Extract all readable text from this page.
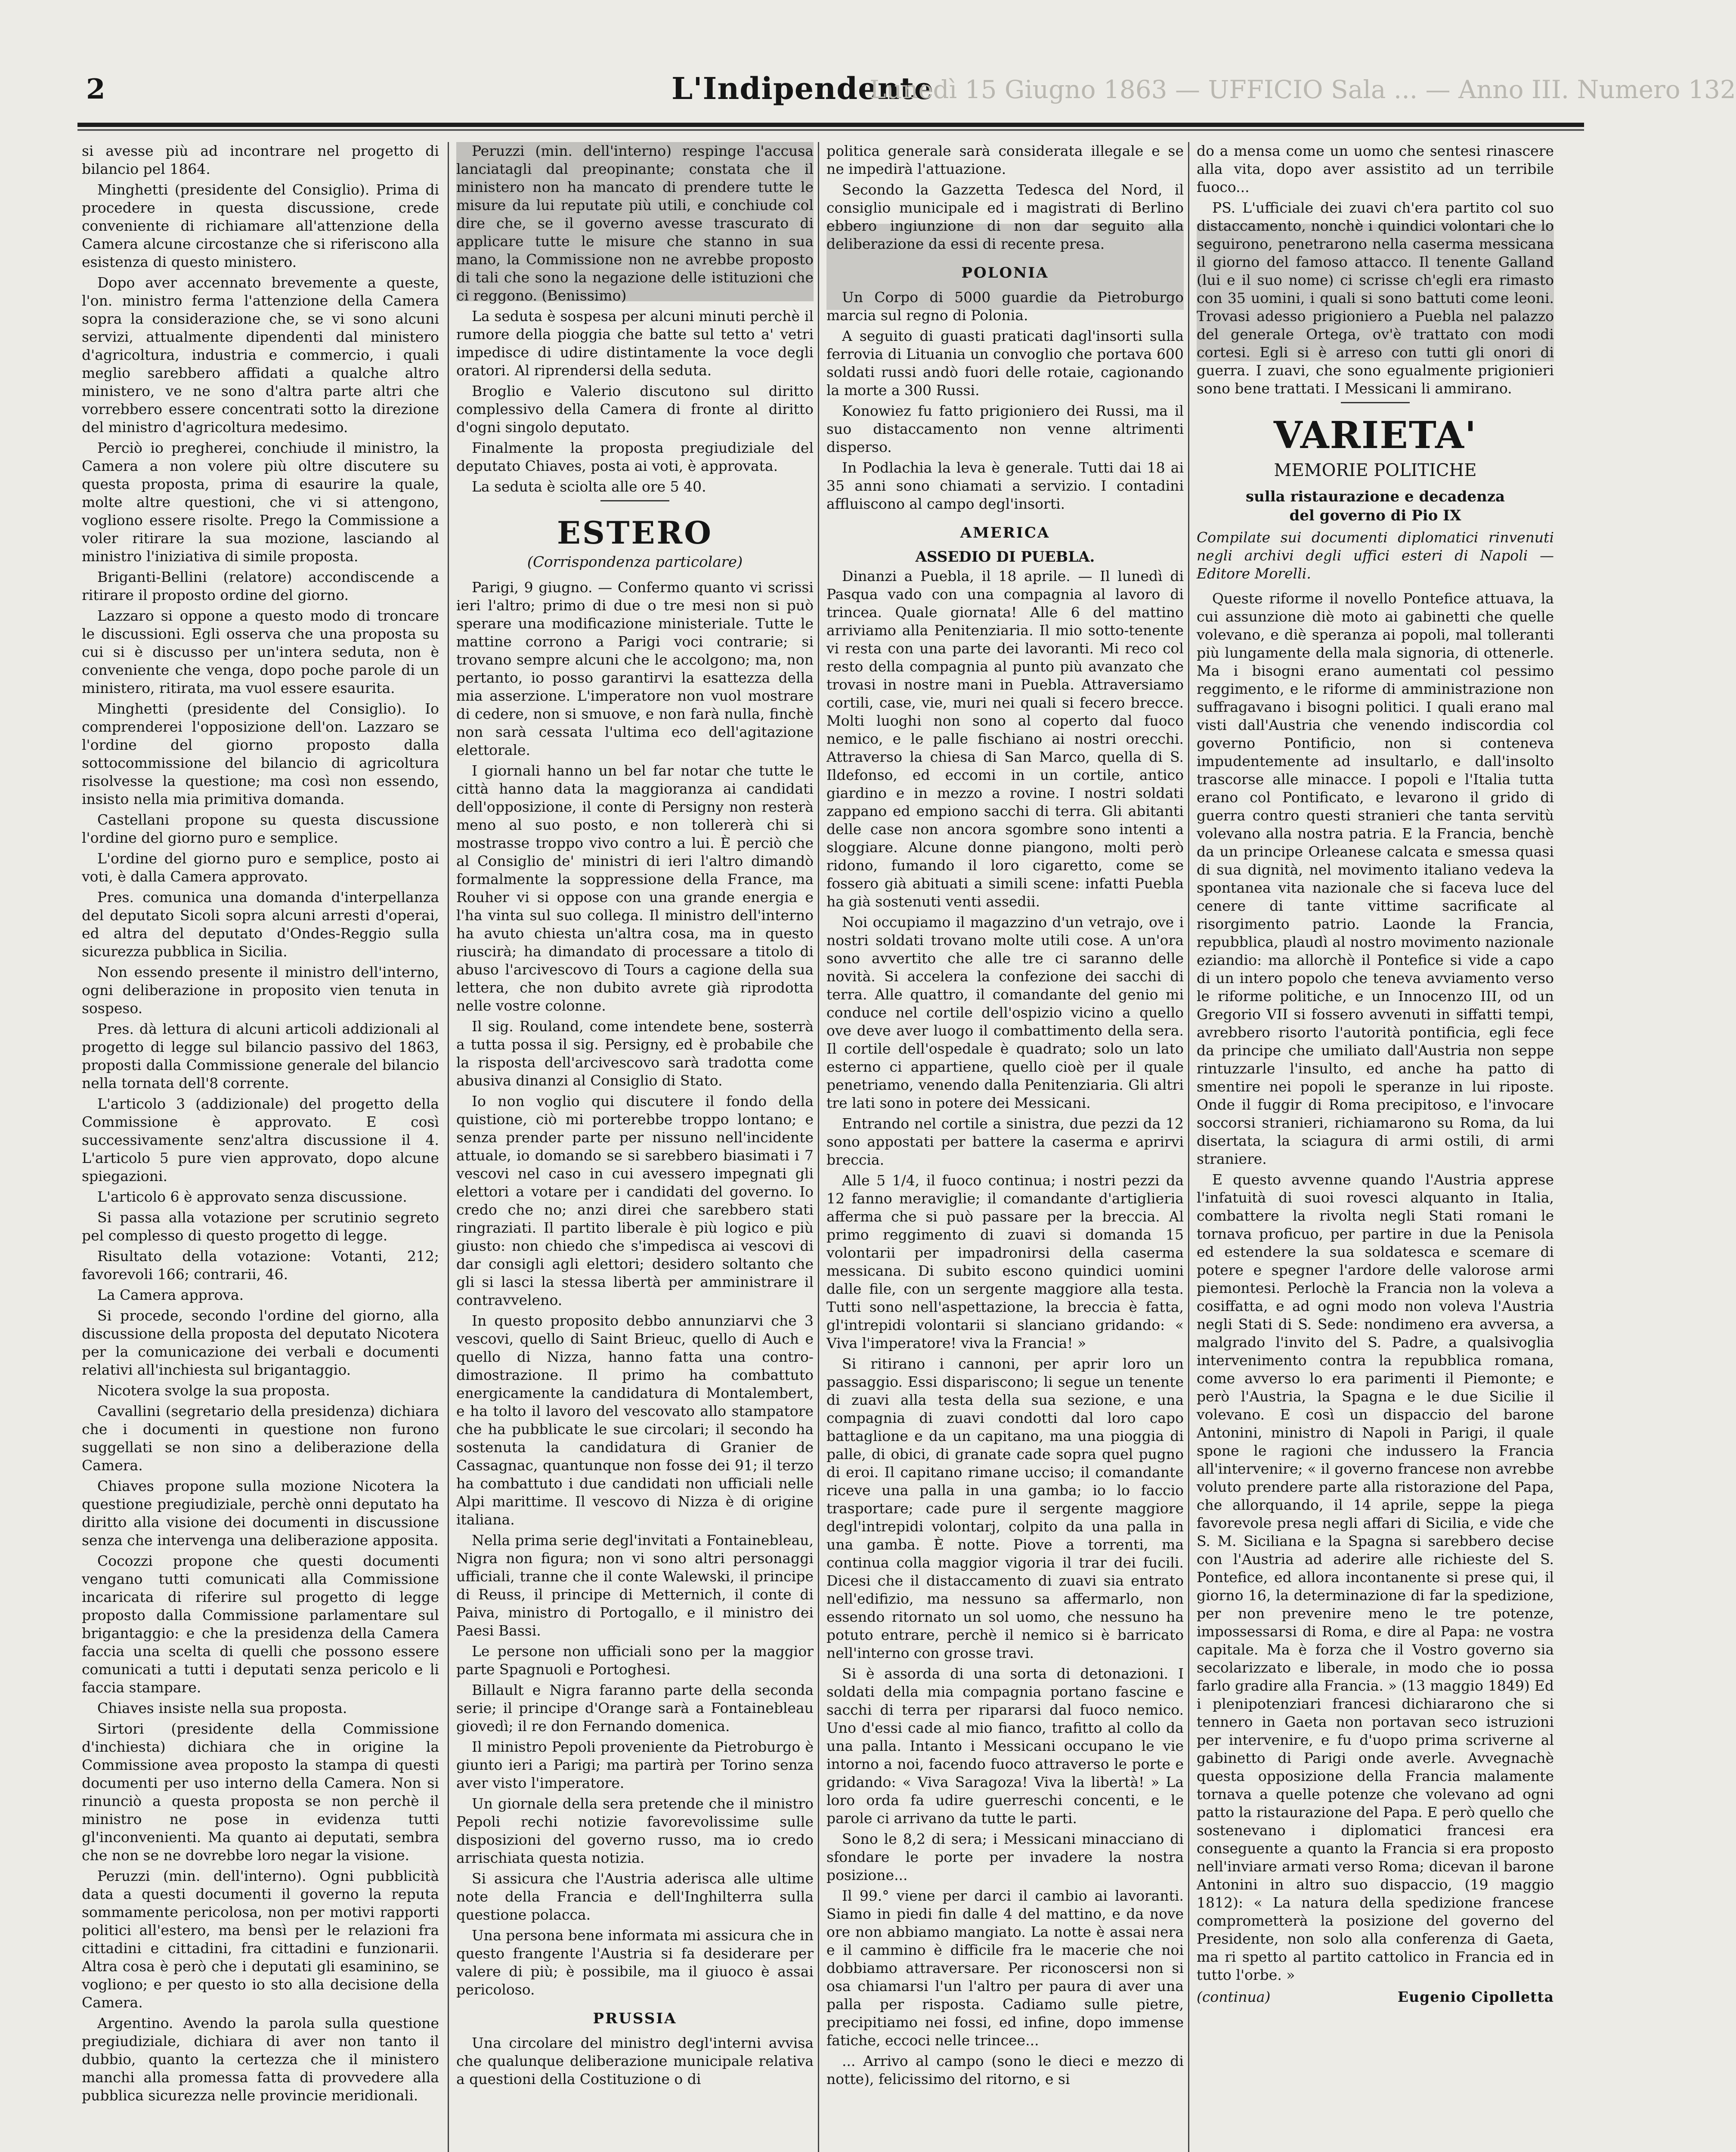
2	L'Indipendente
Lunedì 15 Giugno 1863 — UFFICIO Sala ... — Anno III. Numero 132

si avesse più ad incontrare nel progetto di bilancio pel 1864.

Minghetti (presidente del Consiglio). Prima di procedere in questa discussione, crede conveniente di richiamare all'attenzione della Camera alcune circostanze che si riferiscono alla esistenza di questo ministero.

Dopo aver accennato brevemente a queste, l'on. ministro ferma l'attenzione della Camera sopra la considerazione che, se vi sono alcuni servizi, attualmente dipendenti dal ministero d'agricoltura, industria e commercio, i quali meglio sarebbero affidati a qualche altro ministero, ve ne sono d'altra parte altri che vorrebbero essere concentrati sotto la direzione del ministro d'agricoltura medesimo.

Perciò io pregherei, conchiude il ministro, la Camera a non volere più oltre discutere su questa proposta, prima di esaurire la quale, molte altre questioni, che vi si attengono, vogliono essere risolte. Prego la Commissione a voler ritirare la sua mozione, lasciando al ministro l'iniziativa di simile proposta.

Briganti-Bellini (relatore) accondiscende a ritirare il proposto ordine del giorno.

Lazzaro si oppone a questo modo di troncare le discussioni. Egli osserva che una proposta su cui si è discusso per un'intera seduta, non è conveniente che venga, dopo poche parole di un ministero, ritirata, ma vuol essere esaurita.

Minghetti (presidente del Consiglio). Io comprenderei l'opposizione dell'on. Lazzaro se l'ordine del giorno proposto dalla sottocommissione del bilancio di agricoltura risolvesse la questione; ma così non essendo, insisto nella mia primitiva domanda.

Castellani propone su questa discussione l'ordine del giorno puro e semplice.

L'ordine del giorno puro e semplice, posto ai voti, è dalla Camera approvato.

Pres. comunica una domanda d'interpellanza del deputato Sicoli sopra alcuni arresti d'operai, ed altra del deputato d'Ondes-Reggio sulla sicurezza pubblica in Sicilia.

Non essendo presente il ministro dell'interno, ogni deliberazione in proposito vien tenuta in sospeso.

Pres. dà lettura di alcuni articoli addizionali al progetto di legge sul bilancio passivo del 1863, proposti dalla Commissione generale del bilancio nella tornata dell'8 corrente.

L'articolo 3 (addizionale) del progetto della Commissione è approvato. E così successivamente senz'altra discussione il 4. L'articolo 5 pure vien approvato, dopo alcune spiegazioni.

L'articolo 6 è approvato senza discussione.

Si passa alla votazione per scrutinio segreto pel complesso di questo progetto di legge.

Risultato della votazione: Votanti, 212; favorevoli 166; contrarii, 46.

La Camera approva.

Si procede, secondo l'ordine del giorno, alla discussione della proposta del deputato Nicotera per la comunicazione dei verbali e documenti relativi all'inchiesta sul brigantaggio.

Nicotera svolge la sua proposta.

Cavallini (segretario della presidenza) dichiara che i documenti in questione non furono suggellati se non sino a deliberazione della Camera.

Chiaves propone sulla mozione Nicotera la questione pregiudiziale, perchè onni deputato ha diritto alla visione dei documenti in discussione senza che intervenga una deliberazione apposita.

Cocozzi propone che questi documenti vengano tutti comunicati alla Commissione incaricata di riferire sul progetto di legge proposto dalla Commissione parlamentare sul brigantaggio: e che la presidenza della Camera faccia una scelta di quelli che possono essere comunicati a tutti i deputati senza pericolo e li faccia stampare.

Chiaves insiste nella sua proposta.

Sirtori (presidente della Commissione d'inchiesta) dichiara che in origine la Commissione avea proposto la stampa di questi documenti per uso interno della Camera. Non si rinunciò a questa proposta se non perchè il ministro ne pose in evidenza tutti gl'inconvenienti. Ma quanto ai deputati, sembra che non se ne dovrebbe loro negar la visione.

Peruzzi (min. dell'interno). Ogni pubblicità data a questi documenti il governo la reputa sommamente pericolosa, non per motivi rapporti politici all'estero, ma bensì per le relazioni fra cittadini e cittadini, fra cittadini e funzionarii. Altra cosa è però che i deputati gli esaminino, se vogliono; e per questo io sto alla decisione della Camera.

Argentino. Avendo la parola sulla questione pregiudiziale, dichiara di aver non tanto il dubbio, quanto la certezza che il ministero manchi alla promessa fatta di provvedere alla pubblica sicurezza nelle provincie meridionali.

Peruzzi (min. dell'interno) respinge l'accusa lanciatagli dal preopinante; constata che il ministero non ha mancato di prendere tutte le misure da lui reputate più utili, e conchiude col dire che, se il governo avesse trascurato di applicare tutte le misure che stanno in sua mano, la Commissione non ne avrebbe proposto di tali che sono la negazione delle istituzioni che ci reggono. (Benissimo)

La seduta è sospesa per alcuni minuti perchè il rumore della pioggia che batte sul tetto a' vetri impedisce di udire distintamente la voce degli oratori. Al riprendersi della seduta.

Broglio e Valerio discutono sul diritto complessivo della Camera di fronte al diritto d'ogni singolo deputato.

Finalmente la proposta pregiudiziale del deputato Chiaves, posta ai voti, è approvata.

La seduta è sciolta alle ore 5 40.

ESTERO
(Corrispondenza particolare)

Parigi, 9 giugno. — Confermo quanto vi scrissi ieri l'altro; primo di due o tre mesi non si può sperare una modificazione ministeriale. Tutte le mattine corrono a Parigi voci contrarie; si trovano sempre alcuni che le accolgono; ma, non pertanto, io posso garantirvi la esattezza della mia asserzione. L'imperatore non vuol mostrare di cedere, non si smuove, e non farà nulla, finchè non sarà cessata l'ultima eco dell'agitazione elettorale.

I giornali hanno un bel far notar che tutte le città hanno data la maggioranza ai candidati dell'opposizione, il conte di Persigny non resterà meno al suo posto, e non tollererà chi si mostrasse troppo vivo contro a lui. È perciò che al Consiglio de' ministri di ieri l'altro dimandò formalmente la soppressione della France, ma Rouher vi si oppose con una grande energia e l'ha vinta sul suo collega. Il ministro dell'interno ha avuto chiesta un'altra cosa, ma in questo riuscirà; ha dimandato di processare a titolo di abuso l'arcivescovo di Tours a cagione della sua lettera, che non dubito avrete già riprodotta nelle vostre colonne.

Il sig. Rouland, come intendete bene, sosterrà a tutta possa il sig. Persigny, ed è probabile che la risposta dell'arcivescovo sarà tradotta come abusiva dinanzi al Consiglio di Stato.

Io non voglio qui discutere il fondo della quistione, ciò mi porterebbe troppo lontano; e senza prender parte per nissuno nell'incidente attuale, io domando se si sarebbero biasimati i 7 vescovi nel caso in cui avessero impegnati gli elettori a votare per i candidati del governo. Io credo che no; anzi direi che sarebbero stati ringraziati. Il partito liberale è più logico e più giusto: non chiedo che s'impedisca ai vescovi di dar consigli agli elettori; desidero soltanto che gli si lasci la stessa libertà per amministrare il contravveleno.

In questo proposito debbo annunziarvi che 3 vescovi, quello di Saint Brieuc, quello di Auch e quello di Nizza, hanno fatta una contro-dimostrazione. Il primo ha combattuto energicamente la candidatura di Montalembert, e ha tolto il lavoro del vescovato allo stampatore che ha pubblicate le sue circolari; il secondo ha sostenuta la candidatura di Granier de Cassagnac, quantunque non fosse dei 91; il terzo ha combattuto i due candidati non ufficiali nelle Alpi marittime. Il vescovo di Nizza è di origine italiana.

Nella prima serie degl'invitati a Fontainebleau, Nigra non figura; non vi sono altri personaggi ufficiali, tranne che il conte Walewski, il principe di Reuss, il principe di Metternich, il conte di Paiva, ministro di Portogallo, e il ministro dei Paesi Bassi.

Le persone non ufficiali sono per la maggior parte Spagnuoli e Portoghesi.

Billault e Nigra faranno parte della seconda serie; il principe d'Orange sarà a Fontainebleau giovedì; il re don Fernando domenica.

Il ministro Pepoli proveniente da Pietroburgo è giunto ieri a Parigi; ma partirà per Torino senza aver visto l'imperatore.

Un giornale della sera pretende che il ministro Pepoli rechi notizie favorevolissime sulle disposizioni del governo russo, ma io credo arrischiata questa notizia.

Si assicura che l'Austria aderisca alle ultime note della Francia e dell'Inghilterra sulla questione polacca.

Una persona bene informata mi assicura che in questo frangente l'Austria si fa desiderare per valere di più; è possibile, ma il giuoco è assai pericoloso.

PRUSSIA

Una circolare del ministro degl'interni avvisa che qualunque deliberazione municipale relativa a questioni della Costituzione o di

politica generale sarà considerata illegale e se ne impedirà l'attuazione.

Secondo la Gazzetta Tedesca del Nord, il consiglio municipale ed i magistrati di Berlino ebbero ingiunzione di non dar seguito alla deliberazione da essi di recente presa.

POLONIA

Un Corpo di 5000 guardie da Pietroburgo marcia sul regno di Polonia.

A seguito di guasti praticati dagl'insorti sulla ferrovia di Lituania un convoglio che portava 600 soldati russi andò fuori delle rotaie, cagionando la morte a 300 Russi.

Konowiez fu fatto prigioniero dei Russi, ma il suo distaccamento non venne altrimenti disperso.

In Podlachia la leva è generale. Tutti dai 18 ai 35 anni sono chiamati a servizio. I contadini affluiscono al campo degl'insorti.

AMERICA
ASSEDIO DI PUEBLA.

Dinanzi a Puebla, il 18 aprile. — Il lunedì di Pasqua vado con una compagnia al lavoro di trincea. Quale giornata! Alle 6 del mattino arriviamo alla Penitenziaria. Il mio sotto-tenente vi resta con una parte dei lavoranti. Mi reco col resto della compagnia al punto più avanzato che trovasi in nostre mani in Puebla. Attraversiamo cortili, case, vie, muri nei quali si fecero brecce. Molti luoghi non sono al coperto dal fuoco nemico, e le palle fischiano ai nostri orecchi. Attraverso la chiesa di San Marco, quella di S. Ildefonso, ed eccomi in un cortile, antico giardino e in mezzo a rovine. I nostri soldati zappano ed empiono sacchi di terra. Gli abitanti delle case non ancora sgombre sono intenti a sloggiare. Alcune donne piangono, molti però ridono, fumando il loro cigaretto, come se fossero già abituati a simili scene: infatti Puebla ha già sostenuti venti assedii.

Noi occupiamo il magazzino d'un vetrajo, ove i nostri soldati trovano molte utili cose. A un'ora sono avvertito che alle tre ci saranno delle novità. Si accelera la confezione dei sacchi di terra. Alle quattro, il comandante del genio mi conduce nel cortile dell'ospizio vicino a quello ove deve aver luogo il combattimento della sera. Il cortile dell'ospedale è quadrato; solo un lato esterno ci appartiene, quello cioè per il quale penetriamo, venendo dalla Penitenziaria. Gli altri tre lati sono in potere dei Messicani.

Entrando nel cortile a sinistra, due pezzi da 12 sono appostati per battere la caserma e aprirvi breccia.

Alle 5 1/4, il fuoco continua; i nostri pezzi da 12 fanno meraviglie; il comandante d'artiglieria afferma che si può passare per la breccia. Al primo reggimento di zuavi si domanda 15 volontarii per impadronirsi della caserma messicana. Di subito escono quindici uomini dalle file, con un sergente maggiore alla testa. Tutti sono nell'aspettazione, la breccia è fatta, gl'intrepidi volontarii si slanciano gridando: « Viva l'imperatore! viva la Francia! »

Si ritirano i cannoni, per aprir loro un passaggio. Essi dispariscono; li segue un tenente di zuavi alla testa della sua sezione, e una compagnia di zuavi condotti dal loro capo battaglione e da un capitano, ma una pioggia di palle, di obici, di granate cade sopra quel pugno di eroi. Il capitano rimane ucciso; il comandante riceve una palla in una gamba; io lo faccio trasportare; cade pure il sergente maggiore degl'intrepidi volontarj, colpito da una palla in una gamba. È notte. Piove a torrenti, ma continua colla maggior vigoria il trar dei fucili. Dicesi che il distaccamento di zuavi sia entrato nell'edifizio, ma nessuno sa affermarlo, non essendo ritornato un sol uomo, che nessuno ha potuto entrare, perchè il nemico si è barricato nell'interno con grosse travi.

Si è assorda di una sorta di detonazioni. I soldati della mia compagnia portano fascine e sacchi di terra per ripararsi dal fuoco nemico. Uno d'essi cade al mio fianco, trafitto al collo da una palla. Intanto i Messicani occupano le vie intorno a noi, facendo fuoco attraverso le porte e gridando: « Viva Saragoza! Viva la libertà! » La loro orda fa udire guerreschi concenti, e le parole ci arrivano da tutte le parti.

Sono le 8,2 di sera; i Messicani minacciano di sfondare le porte per invadere la nostra posizione...

Il 99.° viene per darci il cambio ai lavoranti. Siamo in piedi fin dalle 4 del mattino, e da nove ore non abbiamo mangiato. La notte è assai nera e il cammino è difficile fra le macerie che noi dobbiamo attraversare. Per riconoscersi non si osa chiamarsi l'un l'altro per paura di aver una palla per risposta. Cadiamo sulle pietre, precipitiamo nei fossi, ed infine, dopo immense fatiche, eccoci nelle trincee...

... Arrivo al campo (sono le dieci e mezzo di notte), felicissimo del ritorno, e si

do a mensa come un uomo che sentesi rinascere alla vita, dopo aver assistito ad un terribile fuoco...

PS. L'ufficiale dei zuavi ch'era partito col suo distaccamento, nonchè i quindici volontari che lo seguirono, penetrarono nella caserma messicana il giorno del famoso attacco. Il tenente Galland (lui e il suo nome) ci scrisse ch'egli era rimasto con 35 uomini, i quali si sono battuti come leoni. Trovasi adesso prigioniero a Puebla nel palazzo del generale Ortega, ov'è trattato con modi cortesi. Egli si è arreso con tutti gli onori di guerra. I zuavi, che sono egualmente prigionieri sono bene trattati. I Messicani li ammirano.

VARIETA'
MEMORIE POLITICHE
sulla ristaurazione e decadenza
del governo di Pio IX
Compilate sui documenti diplomatici rinvenuti negli archivi degli uffici esteri di Napoli — Editore Morelli.

Queste riforme il novello Pontefice attuava, la cui assunzione diè moto ai gabinetti che quelle volevano, e diè speranza ai popoli, mal tolleranti più lungamente della mala signoria, di ottenerle. Ma i bisogni erano aumentati col pessimo reggimento, e le riforme di amministrazione non suffragavano i bisogni politici. I quali erano mal visti dall'Austria che venendo indiscordia col governo Pontificio, non si conteneva impudentemente ad insultarlo, e dall'insolto trascorse alle minacce. I popoli e l'Italia tutta erano col Pontificato, e levarono il grido di guerra contro questi stranieri che tanta servitù volevano alla nostra patria. E la Francia, benchè da un principe Orleanese calcata e smessa quasi di sua dignità, nel movimento italiano vedeva la spontanea vita nazionale che si faceva luce del cenere di tante vittime sacrificate al risorgimento patrio. Laonde la Francia, repubblica, plaudì al nostro movimento nazionale eziandio: ma allorchè il Pontefice si vide a capo di un intero popolo che teneva avviamento verso le riforme politiche, e un Innocenzo III, od un Gregorio VII si fossero avvenuti in siffatti tempi, avrebbero risorto l'autorità pontificia, egli fece da principe che umiliato dall'Austria non seppe rintuzzarle l'insulto, ed anche ha patto di smentire nei popoli le speranze in lui riposte. Onde il fuggir di Roma precipitoso, e l'invocare soccorsi stranieri, richiamarono su Roma, da lui disertata, la sciagura di armi ostili, di armi straniere.

E questo avvenne quando l'Austria apprese l'infatuità di suoi rovesci alquanto in Italia, combattere la rivolta negli Stati romani le tornava proficuo, per partire in due la Penisola ed estendere la sua soldatesca e scemare di potere e spegner l'ardore delle valorose armi piemontesi. Perlochè la Francia non la voleva a cosiffatta, e ad ogni modo non voleva l'Austria negli Stati di S. Sede: nondimeno era avversa, a malgrado l'invito del S. Padre, a qualsivoglia intervenimento contra la repubblica romana, come avverso lo era parimenti il Piemonte; e però l'Austria, la Spagna e le due Sicilie il volevano. E così un dispaccio del barone Antonini, ministro di Napoli in Parigi, il quale spone le ragioni che indussero la Francia all'intervenire; « il governo francese non avrebbe voluto prendere parte alla ristorazione del Papa, che allorquando, il 14 aprile, seppe la piega favorevole presa negli affari di Sicilia, e vide che S. M. Siciliana e la Spagna si sarebbero decise con l'Austria ad aderire alle richieste del S. Pontefice, ed allora incontanente si prese qui, il giorno 16, la determinazione di far la spedizione, per non prevenire meno le tre potenze, impossessarsi di Roma, e dire al Papa: ne vostra capitale. Ma è forza che il Vostro governo sia secolarizzato e liberale, in modo che io possa farlo gradire alla Francia. » (13 maggio 1849) Ed i plenipotenziari francesi dichiararono che si tennero in Gaeta non portavan seco istruzioni per intervenire, e fu d'uopo prima scriverne al gabinetto di Parigi onde averle. Avvegnachè questa opposizione della Francia malamente tornava a quelle potenze che volevano ad ogni patto la ristaurazione del Papa. E però quello che sostenevano i diplomatici francesi era conseguente a quanto la Francia si era proposto nell'inviare armati verso Roma; dicevan il barone Antonini in altro suo dispaccio, (19 maggio 1812): « La natura della spedizione francese comprometterà la posizione del governo del Presidente, non solo alla conferenza di Gaeta, ma ri spetto al partito cattolico in Francia ed in tutto l'orbe. »

(continua)	Eugenio Cipolletta
